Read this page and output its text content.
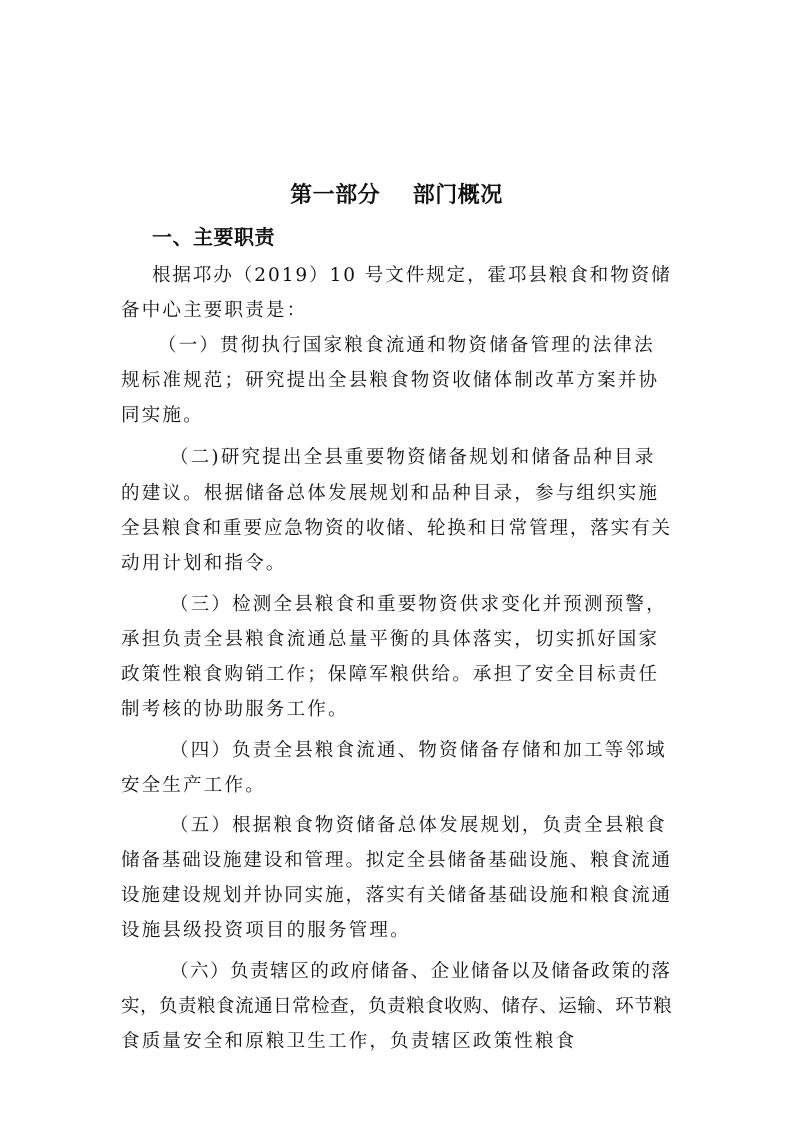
第一部分    部门概况
一、主要职责
根据邛办（2019）10 号文件规定，霍邛县粮食和物资储
备中心主要职责是：
（一）贯彻执行国家粮食流通和物资储备管理的法律法
规标准规范；研究提出全县粮食物资收储体制改革方案并协
同实施。
（二)研究提出全县重要物资储备规划和储备品种目录
的建议。根据储备总体发展规划和品种目录，参与组织实施
全县粮食和重要应急物资的收储、轮换和日常管理，落实有关
动用计划和指令。
（三）检测全县粮食和重要物资供求变化并预测预警，
承担负责全县粮食流通总量平衡的具体落实，切实抓好国家
政策性粮食购销工作；保障军粮供给。承担了安全目标责任
制考核的协助服务工作。
（四）负责全县粮食流通、物资储备存储和加工等邻域
安全生产工作。
（五）根据粮食物资储备总体发展规划，负责全县粮食
储备基础设施建设和管理。拟定全县储备基础设施、粮食流通
设施建设规划并协同实施，落实有关储备基础设施和粮食流通
设施县级投资项目的服务管理。
（六）负责辖区的政府储备、企业储备以及储备政策的落
实，负责粮食流通日常检查，负责粮食收购、储存、运输、环节粮
食质量安全和原粮卫生工作，负责辖区政策性粮食
